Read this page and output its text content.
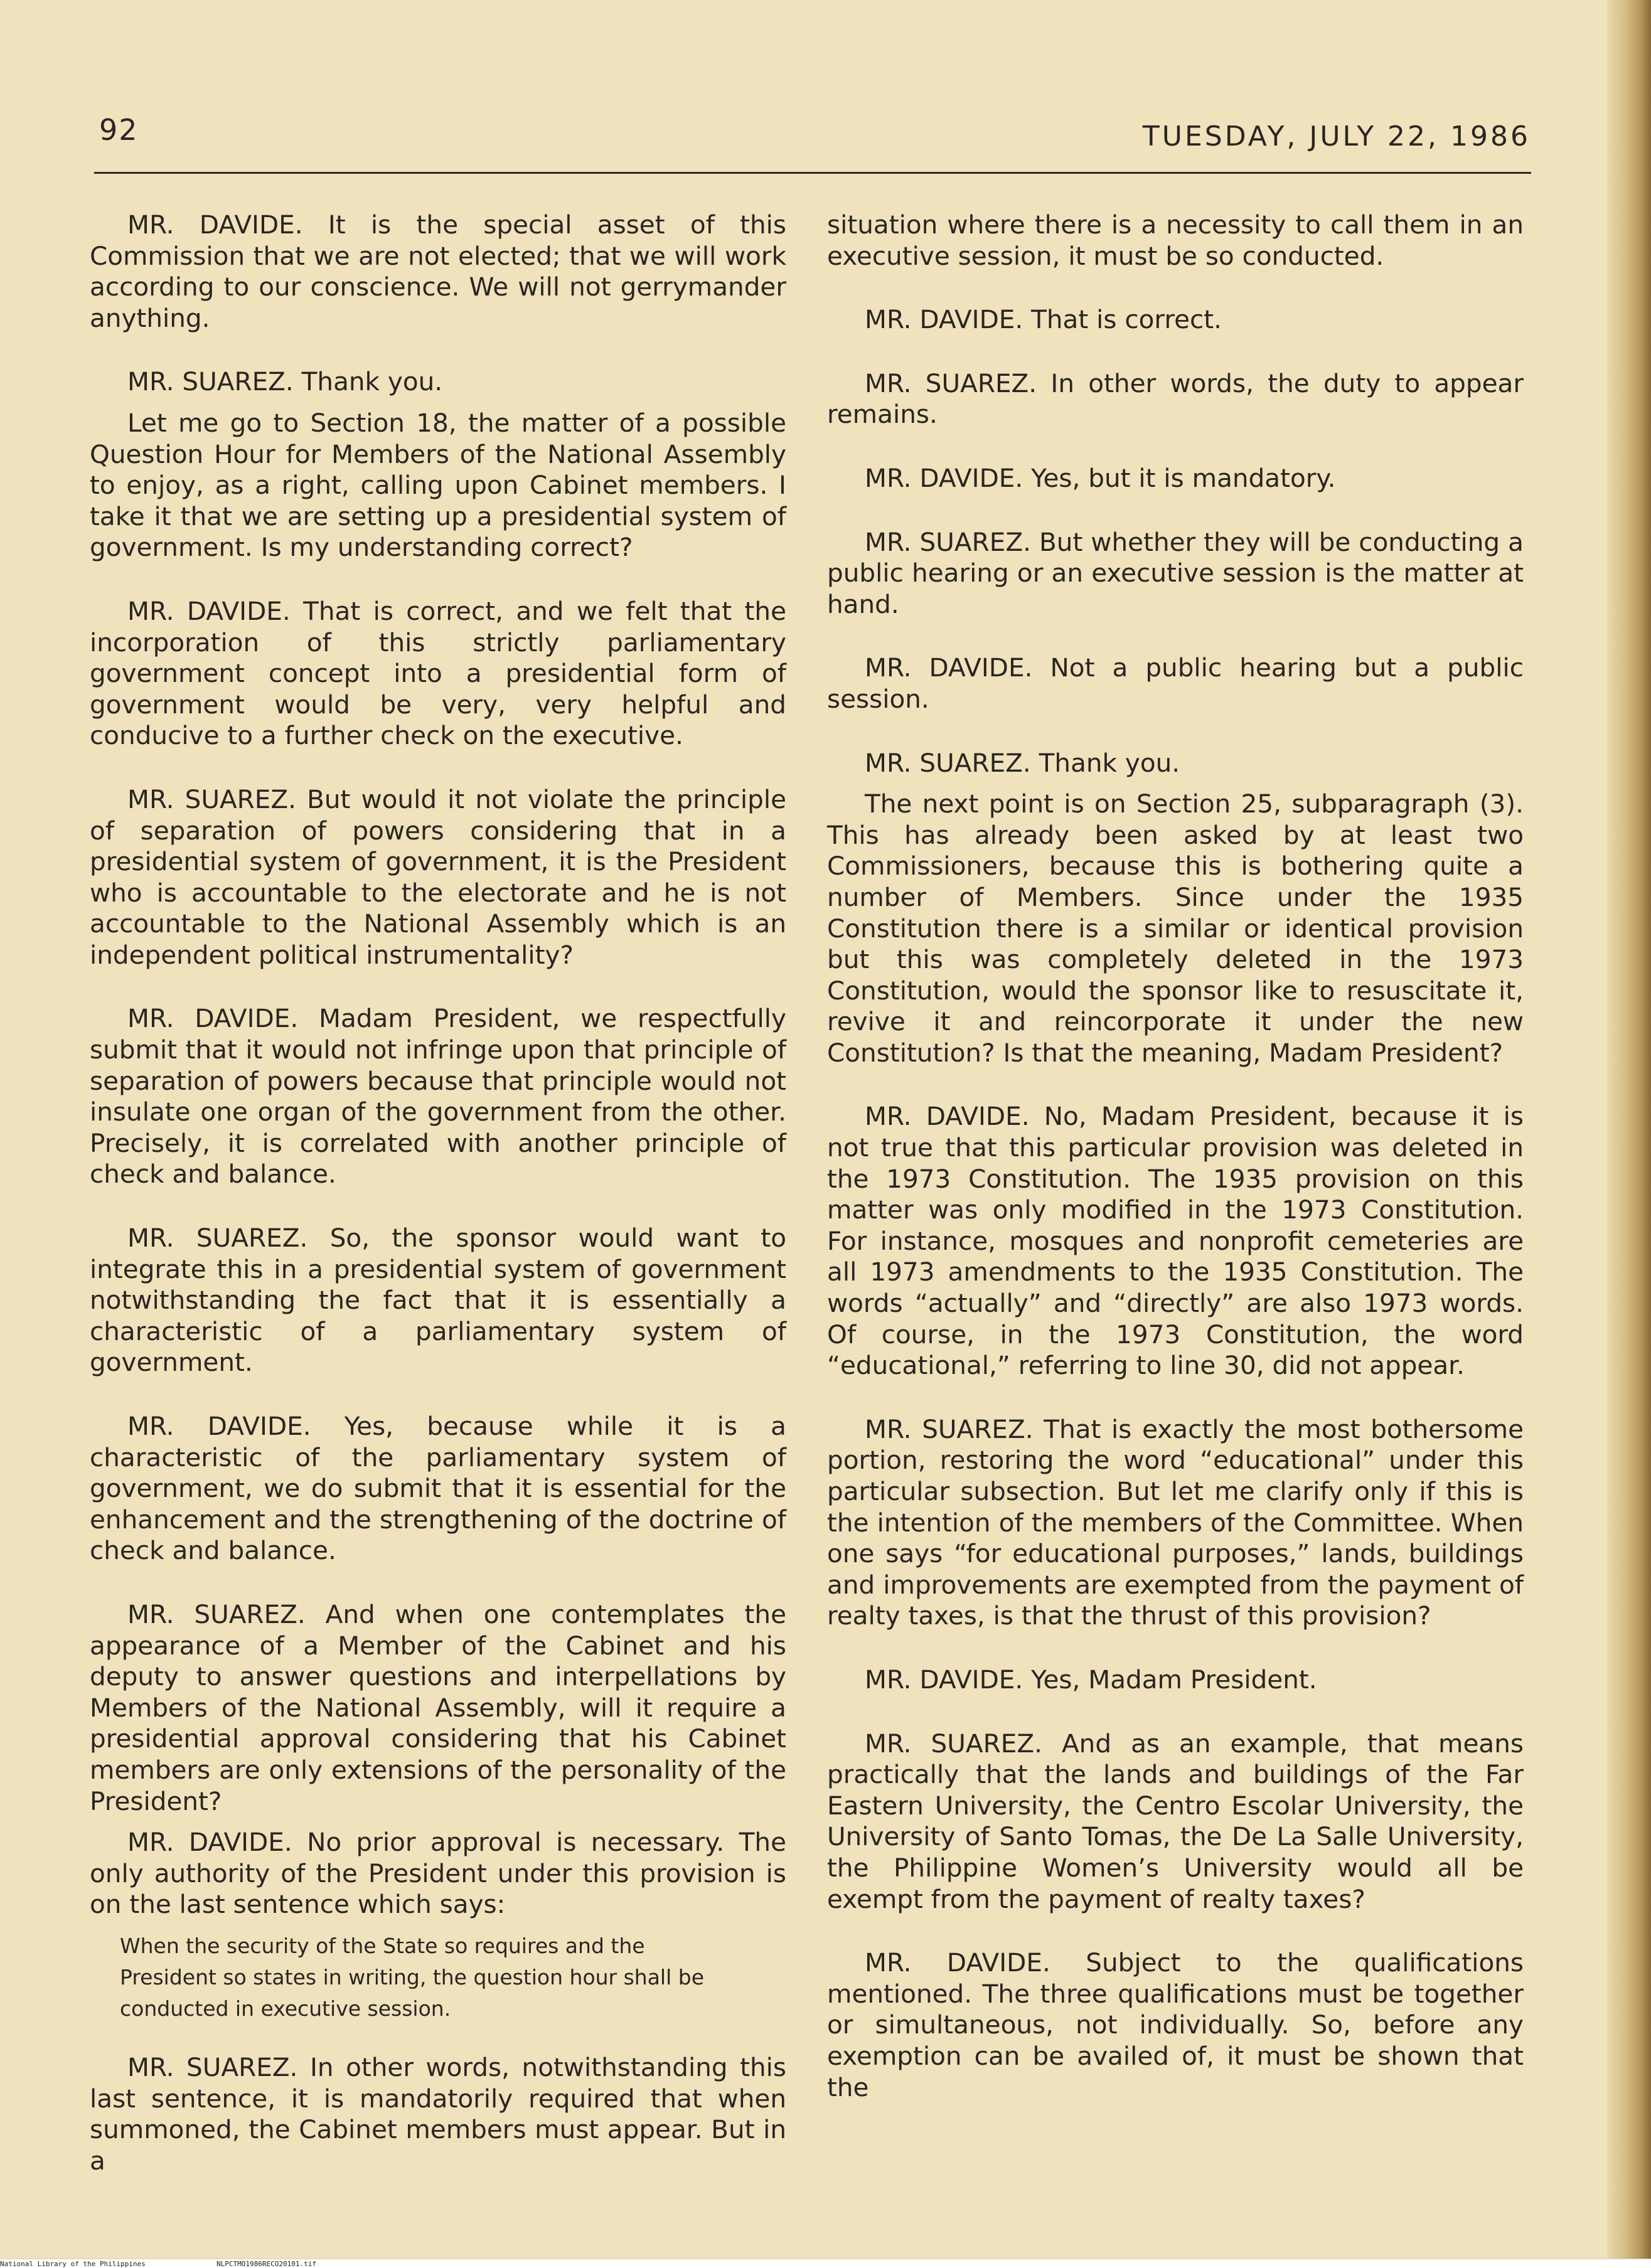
92	TUESDAY, JULY 22, 1986

MR. DAVIDE. It is the special asset of this Commission that we are not elected; that we will work according to our conscience. We will not gerrymander anything.

MR. SUAREZ. Thank you.

Let me go to Section 18, the matter of a possible Question Hour for Members of the National Assembly to enjoy, as a right, calling upon Cabinet members. I take it that we are setting up a presidential system of government. Is my understanding correct?

MR. DAVIDE. That is correct, and we felt that the incorporation of this strictly parliamentary government concept into a presidential form of government would be very, very helpful and conducive to a further check on the executive.

MR. SUAREZ. But would it not violate the principle of separation of powers considering that in a presidential system of government, it is the President who is accountable to the electorate and he is not accountable to the National Assembly which is an independent political instrumentality?

MR. DAVIDE. Madam President, we respectfully submit that it would not infringe upon that principle of separation of powers because that principle would not insulate one organ of the government from the other. Precisely, it is correlated with another principle of check and balance.

MR. SUAREZ. So, the sponsor would want to integrate this in a presidential system of government notwithstanding the fact that it is essentially a characteristic of a parliamentary system of government.

MR. DAVIDE. Yes, because while it is a characteristic of the parliamentary system of government, we do submit that it is essential for the enhancement and the strengthening of the doctrine of check and balance.

MR. SUAREZ. And when one contemplates the appearance of a Member of the Cabinet and his deputy to answer questions and interpellations by Members of the National Assembly, will it require a presidential approval considering that his Cabinet members are only extensions of the personality of the President?

MR. DAVIDE. No prior approval is necessary. The only authority of the President under this provision is on the last sentence which says:

When the security of the State so requires and the President so states in writing, the question hour shall be conducted in executive session.

MR. SUAREZ. In other words, notwithstanding this last sentence, it is mandatorily required that when summoned, the Cabinet members must appear. But in a

situation where there is a necessity to call them in an executive session, it must be so conducted.

MR. DAVIDE. That is correct.

MR. SUAREZ. In other words, the duty to appear remains.

MR. DAVIDE. Yes, but it is mandatory.

MR. SUAREZ. But whether they will be conducting a public hearing or an executive session is the matter at hand.

MR. DAVIDE. Not a public hearing but a public session.

MR. SUAREZ. Thank you.

The next point is on Section 25, subparagraph (3). This has already been asked by at least two Commissioners, because this is bothering quite a number of Members. Since under the 1935 Constitution there is a similar or identical provision but this was completely deleted in the 1973 Constitution, would the sponsor like to resuscitate it, revive it and reincorporate it under the new Constitution? Is that the meaning, Madam President?

MR. DAVIDE. No, Madam President, because it is not true that this particular provision was deleted in the 1973 Constitution. The 1935 provision on this matter was only modified in the 1973 Constitution. For instance, mosques and nonprofit cemeteries are all 1973 amendments to the 1935 Constitution. The words “actually” and “directly” are also 1973 words. Of course, in the 1973 Constitution, the word “educational,” referring to line 30, did not appear.

MR. SUAREZ. That is exactly the most bothersome portion, restoring the word “educational” under this particular subsection. But let me clarify only if this is the intention of the members of the Committee. When one says “for educational purposes,” lands, buildings and improvements are exempted from the payment of realty taxes, is that the thrust of this provision?

MR. DAVIDE. Yes, Madam President.

MR. SUAREZ. And as an example, that means practically that the lands and buildings of the Far Eastern University, the Centro Escolar University, the University of Santo Tomas, the De La Salle University, the Philippine Women’s University would all be exempt from the payment of realty taxes?

MR. DAVIDE. Subject to the qualifications mentioned. The three qualifications must be together or simultaneous, not individually. So, before any exemption can be availed of, it must be shown that the

National Library of the Philippines	NLPCTMO1986RECO20101.tif
